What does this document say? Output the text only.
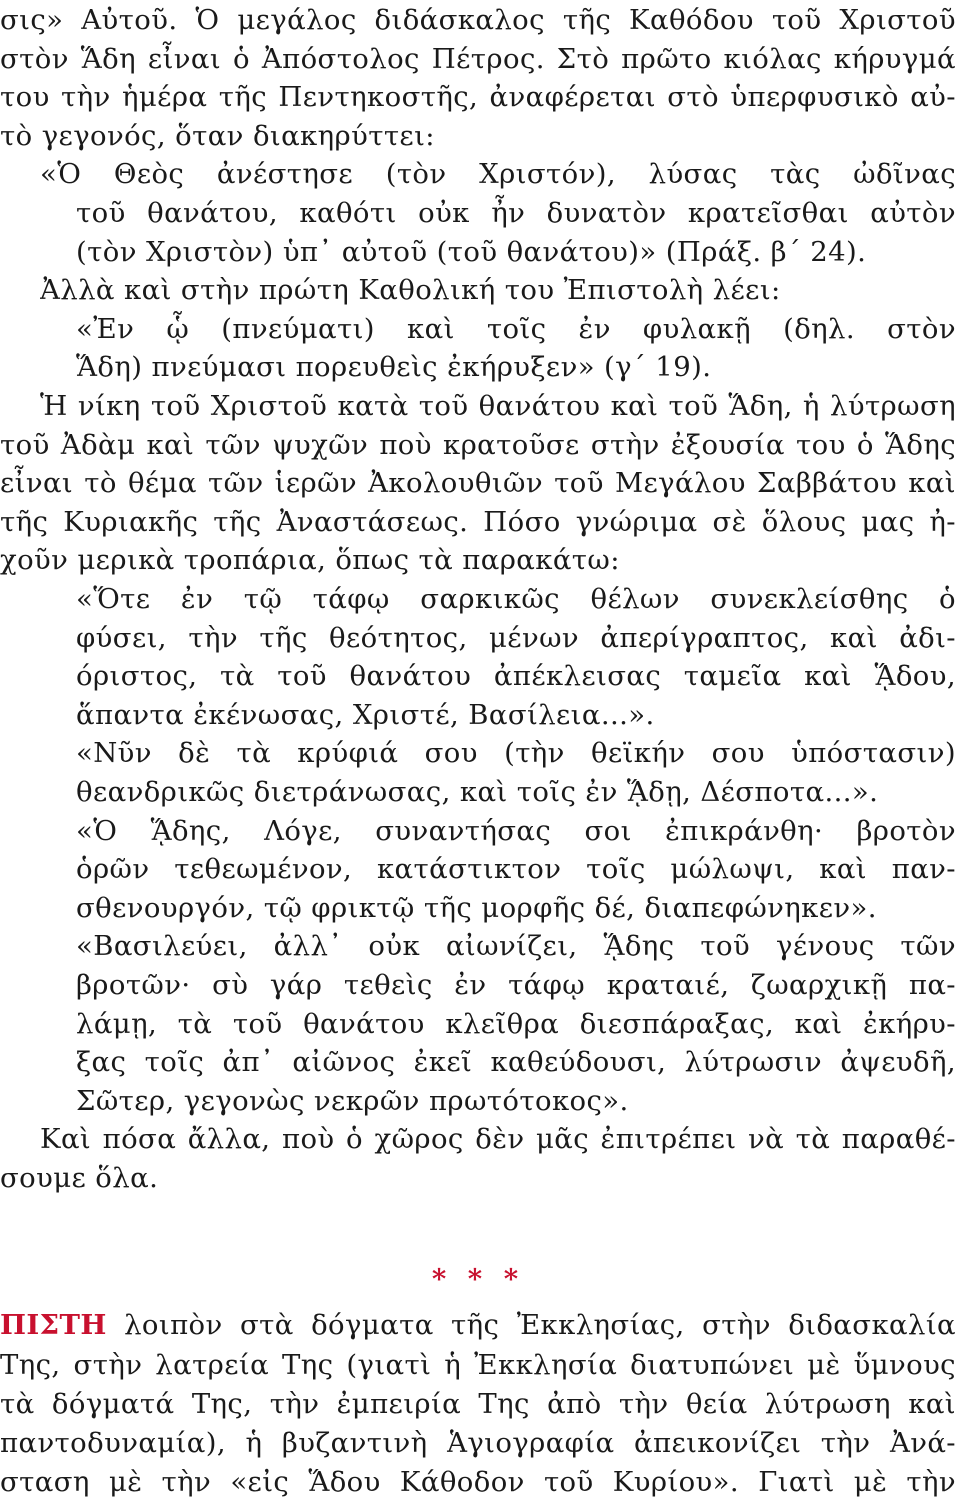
σις» Αὐτοῦ. Ὁ μεγάλος διδάσκαλος τῆς Καθόδου τοῦ Χριστοῦ
στὸν Ἅδη εἶναι ὁ Ἀπόστολος Πέτρος. Στὸ πρῶτο κιόλας κήρυγμά
του τὴν ἡμέρα τῆς Πεντηκοστῆς, ἀναφέρεται στὸ ὑπερφυσικὸ αὐ-
τὸ γεγονός, ὅταν διακηρύττει:
«Ὁ Θεὸς ἀνέστησε (τὸν Χριστόν), λύσας τὰς ὠδῖνας
τοῦ θανάτου, καθότι οὐκ ἦν δυνατὸν κρατεῖσθαι αὐτὸν
(τὸν Χριστὸν) ὑπ᾽ αὐτοῦ (τοῦ θανάτου)» (Πράξ. β´ 24).
Ἀλλὰ καὶ στὴν πρώτη Καθολική του Ἐπιστολὴ λέει:
«Ἐν ᾧ (πνεύματι) καὶ τοῖς ἐν φυλακῇ (δηλ. στὸν
Ἅδη) πνεύμασι πορευθεὶς ἐκήρυξεν» (γ´ 19).
Ἡ νίκη τοῦ Χριστοῦ κατὰ τοῦ θανάτου καὶ τοῦ Ἅδη, ἡ λύτρωση
τοῦ Ἀδὰμ καὶ τῶν ψυχῶν ποὺ κρατοῦσε στὴν ἐξουσία του ὁ Ἅδης
εἶναι τὸ θέμα τῶν ἱερῶν Ἀκολουθιῶν τοῦ Μεγάλου Σαββάτου καὶ
τῆς Κυριακῆς τῆς Ἀναστάσεως. Πόσο γνώριμα σὲ ὅλους μας ἠ-
χοῦν μερικὰ τροπάρια, ὅπως τὰ παρακάτω:
«Ὅτε ἐν τῷ τάφῳ σαρκικῶς θέλων συνεκλείσθης ὁ
φύσει, τὴν τῆς θεότητος, μένων ἀπερίγραπτος, καὶ ἀδι-
όριστος, τὰ τοῦ θανάτου ἀπέκλεισας ταμεῖα καὶ ᾍδου,
ἅπαντα ἐκένωσας, Χριστέ, Βασίλεια...».
«Νῦν δὲ τὰ κρύφιά σου (τὴν θεϊκήν σου ὑπόστασιν)
θεανδρικῶς διετράνωσας, καὶ τοῖς ἐν ᾍδῃ, Δέσποτα...».
«Ὁ ᾍδης, Λόγε, συναντήσας σοι ἐπικράνθη· βροτὸν
ὁρῶν τεθεωμένον, κατάστικτον τοῖς μώλωψι, καὶ παν-
σθενουργόν, τῷ φρικτῷ τῆς μορφῆς δέ, διαπεφώνηκεν».
«Βασιλεύει, ἀλλ᾽ οὐκ αἰωνίζει, ᾍδης τοῦ γένους τῶν
βροτῶν· σὺ γάρ τεθεὶς ἐν τάφῳ κραταιέ, ζωαρχικῇ πα-
λάμῃ, τὰ τοῦ θανάτου κλεῖθρα διεσπάραξας, καὶ ἐκήρυ-
ξας τοῖς ἀπ᾽ αἰῶνος ἐκεῖ καθεύδουσι, λύτρωσιν ἀψευδῆ,
Σῶτερ, γεγονὼς νεκρῶν πρωτότοκος».
Καὶ πόσα ἄλλα, ποὺ ὁ χῶρος δὲν μᾶς ἐπιτρέπει νὰ τὰ παραθέ-
σουμε ὅλα.
* * *
ΠΙΣΤΗ λοιπὸν στὰ δόγματα τῆς Ἐκκλησίας, στὴν διδασκαλία
Της, στὴν λατρεία Της (γιατὶ ἡ Ἐκκλησία διατυπώνει μὲ ὕμνους
τὰ δόγματά Της, τὴν ἐμπειρία Της ἀπὸ τὴν θεία λύτρωση καὶ
παντοδυναμία), ἡ βυζαντινὴ Ἁγιογραφία ἀπεικονίζει τὴν Ἀνά-
σταση μὲ τὴν «εἰς Ἅδου Κάθοδον τοῦ Κυρίου». Γιατὶ μὲ τὴν
